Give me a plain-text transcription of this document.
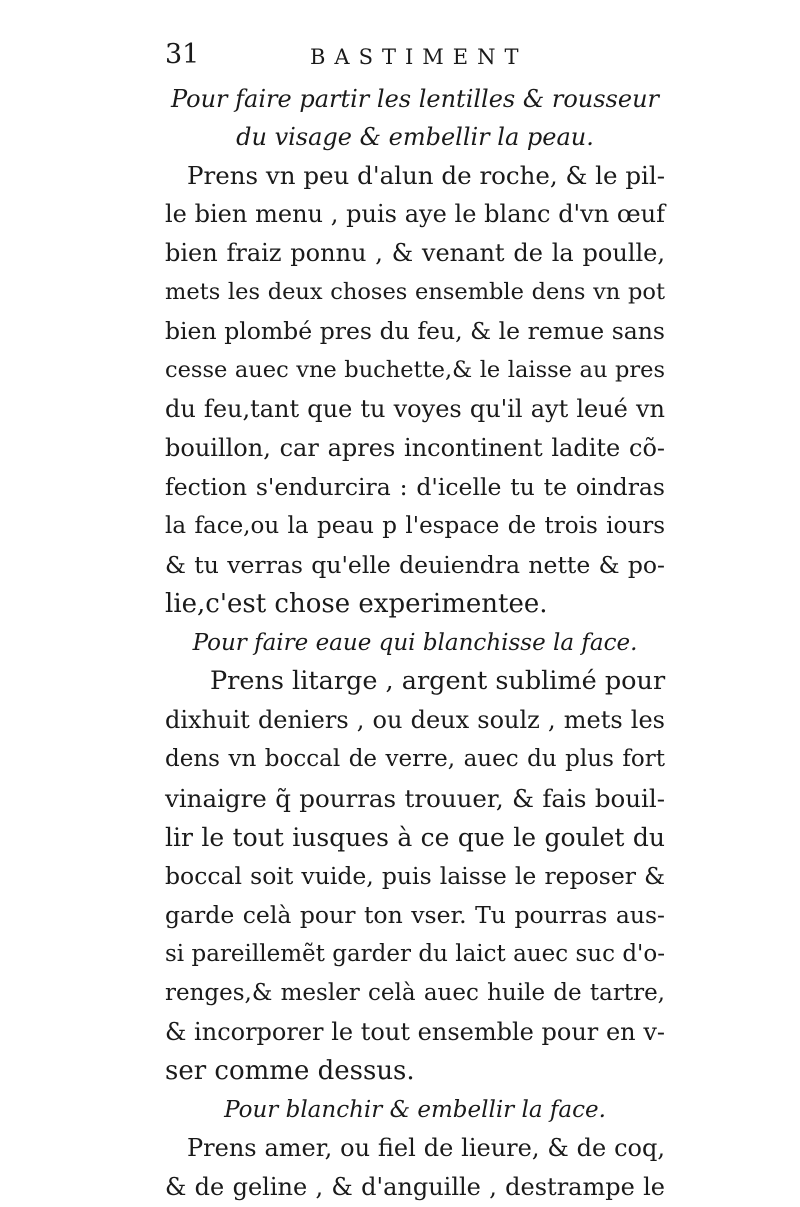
31	BASTIMENT

Pour faire partir les lentilles & rousseur

du visage & embellir la peau.

Prens vn peu d'alun de roche, & le pil-

le bien menu , puis aye le blanc d'vn œuf

bien fraiz ponnu , & venant de la poulle,

mets les deux choses ensemble dens vn pot

bien plombé pres du feu, & le remue sans

cesse auec vne buchette,& le laisse au pres

du feu,tant que tu voyes qu'il ayt leué vn

bouillon, car apres incontinent ladite cõ-

fection s'endurcira : d'icelle tu te oindras

la face,ou la peau p l'espace de trois iours

& tu verras qu'elle deuiendra nette & po-

lie,c'est chose experimentee.

Pour faire eaue qui blanchisse la face.

Prens litarge , argent sublimé pour

dixhuit deniers , ou deux soulz , mets les

dens vn boccal de verre, auec du plus fort

vinaigre q̃ pourras trouuer, & fais bouil-

lir le tout iusques à ce que le goulet du

boccal soit vuide, puis laisse le reposer &

garde celà pour ton vser. Tu pourras aus-

si pareillemẽt garder du laict auec suc d'o-

renges,& mesler celà auec huile de tartre,

& incorporer le tout ensemble pour en v-

ser comme dessus.

Pour blanchir & embellir la face.

Prens amer, ou fiel de lieure, & de coq,

& de geline , & d'anguille , destrampe le
